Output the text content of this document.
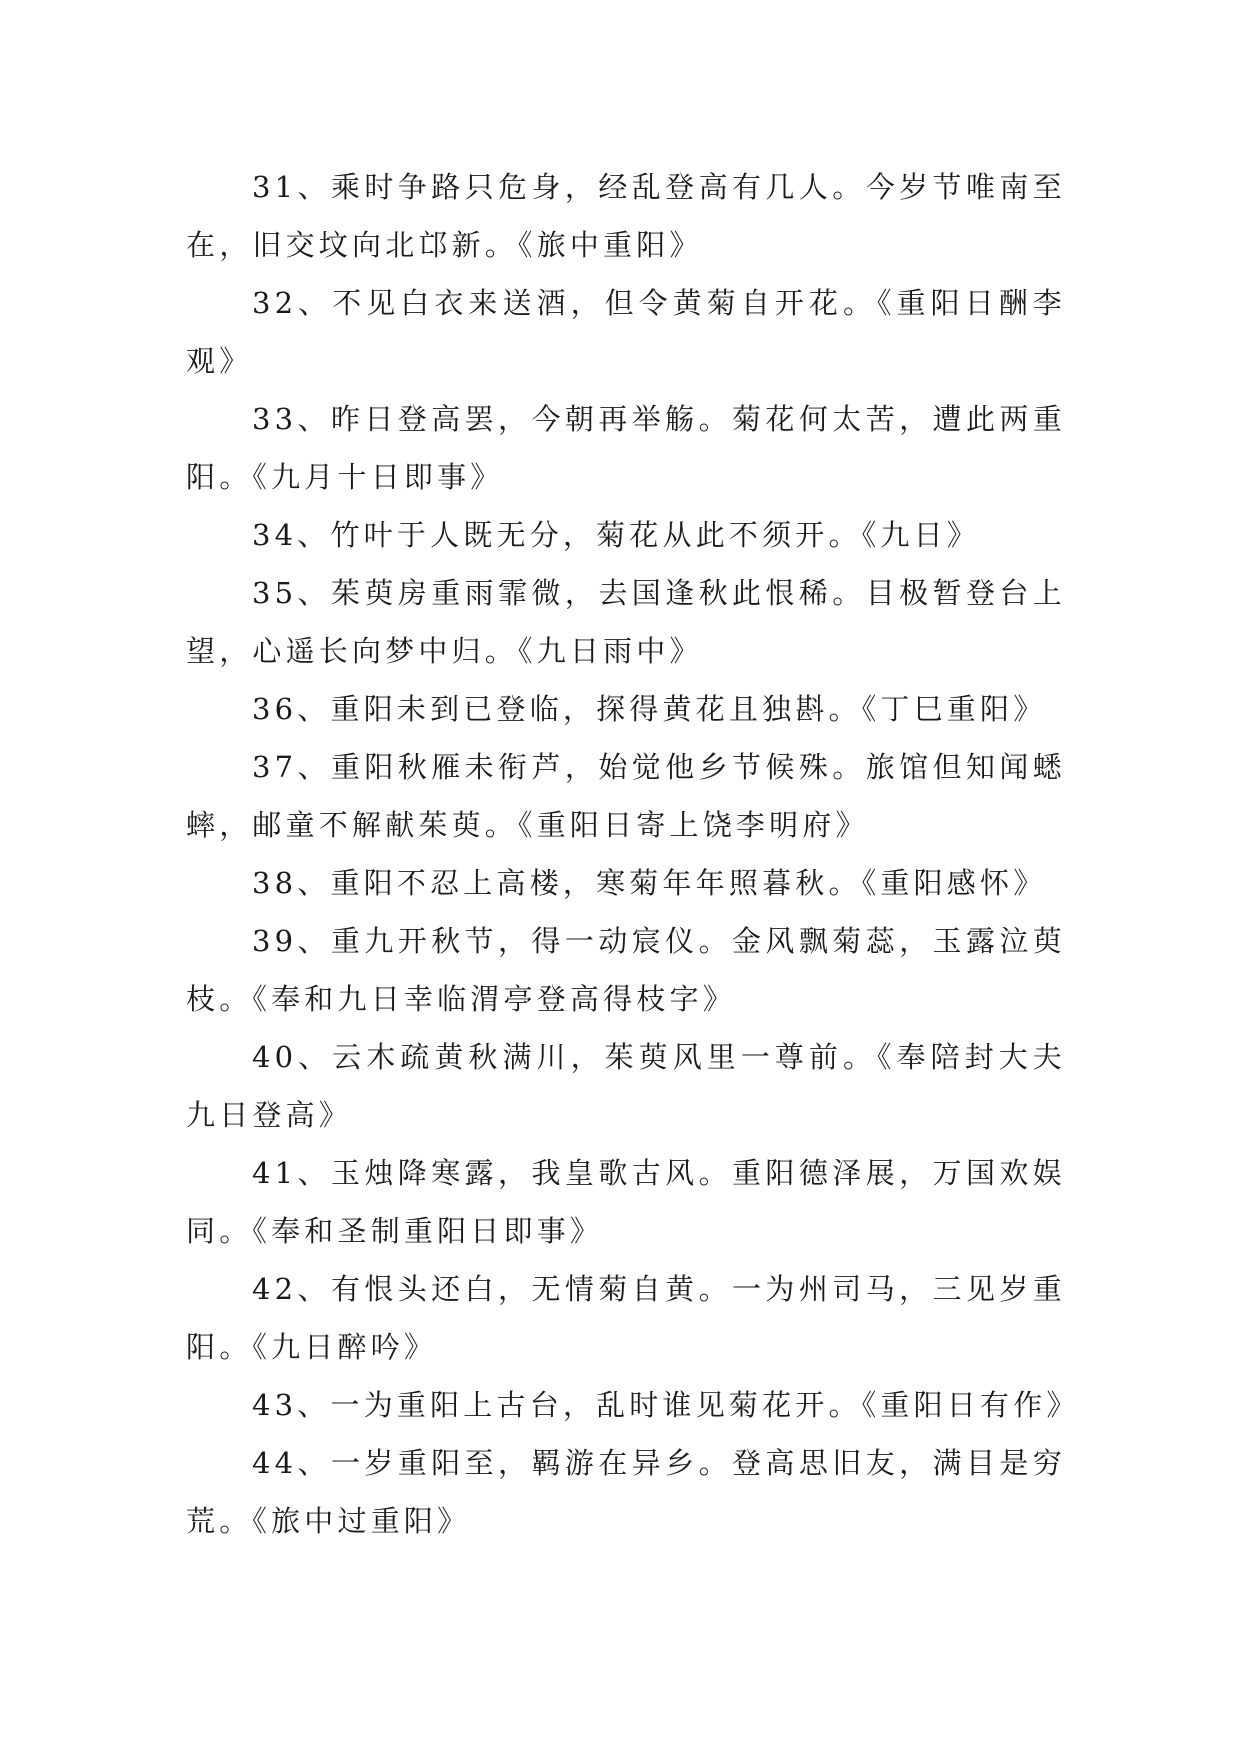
31、乘时争路只危身，经乱登高有几人。今岁节唯南至在，旧交坟向北邙新。《旅中重阳》

32、不见白衣来送酒，但令黄菊自开花。《重阳日酬李观》

33、昨日登高罢，今朝再举觞。菊花何太苦，遭此两重阳。《九月十日即事》

34、竹叶于人既无分，菊花从此不须开。《九日》

35、茱萸房重雨霏微，去国逢秋此恨稀。目极暂登台上望，心遥长向梦中归。《九日雨中》

36、重阳未到已登临，探得黄花且独斟。《丁巳重阳》

37、重阳秋雁未衔芦，始觉他乡节候殊。旅馆但知闻蟋蟀，邮童不解献茱萸。《重阳日寄上饶李明府》

38、重阳不忍上高楼，寒菊年年照暮秋。《重阳感怀》

39、重九开秋节，得一动宸仪。金风飘菊蕊，玉露泣萸枝。《奉和九日幸临渭亭登高得枝字》

40、云木疏黄秋满川，茱萸风里一尊前。《奉陪封大夫九日登高》

41、玉烛降寒露，我皇歌古风。重阳德泽展，万国欢娱同。《奉和圣制重阳日即事》

42、有恨头还白，无情菊自黄。一为州司马，三见岁重阳。《九日醉吟》

43、一为重阳上古台，乱时谁见菊花开。《重阳日有作》

44、一岁重阳至，羁游在异乡。登高思旧友，满目是穷荒。《旅中过重阳》
